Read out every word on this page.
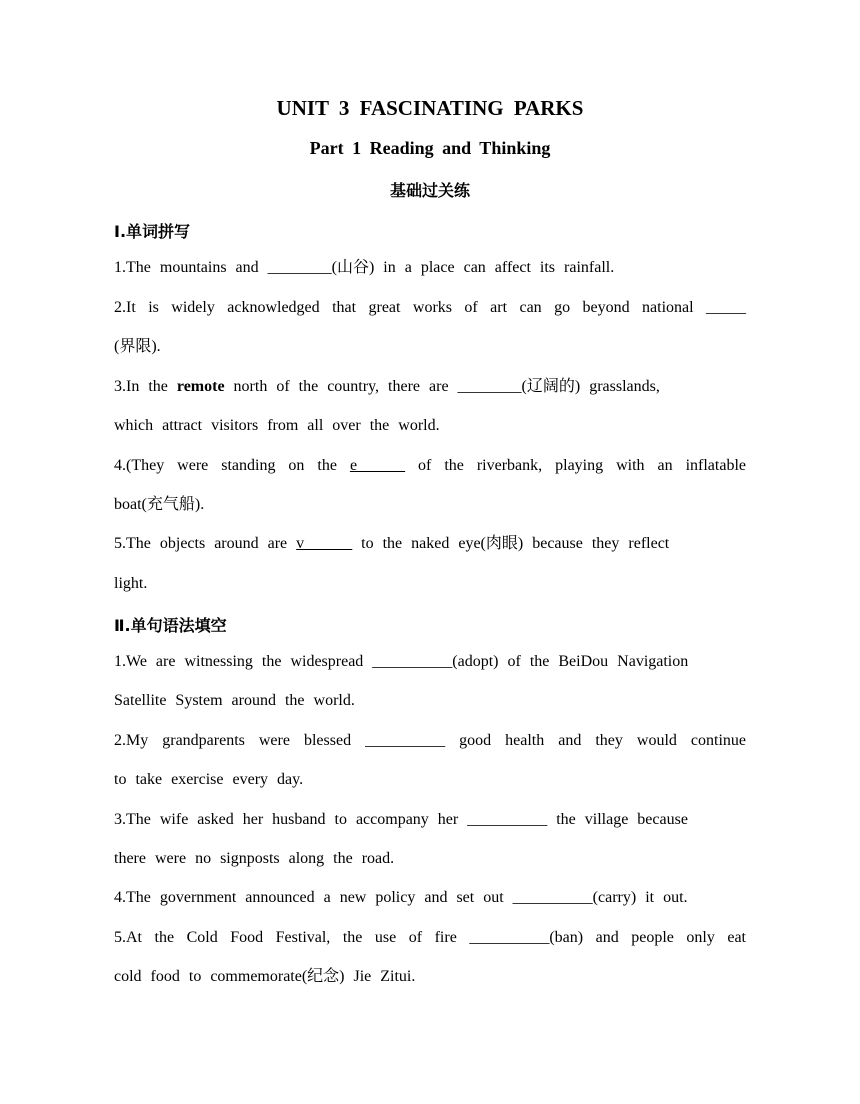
UNIT 3 FASCINATING PARKS
Part 1 Reading and Thinking
基础过关练
Ⅰ.单词拼写
1.The mountains and ________(山谷) in a place can affect its rainfall.
2.It is widely acknowledged that great works of art can go beyond national _____
(界限).
3.In the remote north of the country, there are ________(辽阔的) grasslands,
which attract visitors from all over the world.
4.(They were standing on the e______ of the riverbank, playing with an inflatable
boat(充气船).
5.The objects around are v______ to the naked eye(肉眼) because they reflect
light.
Ⅱ.单句语法填空
1.We are witnessing the widespread __________(adopt) of the BeiDou Navigation
Satellite System around the world.
2.My grandparents were blessed __________ good health and they would continue
to take exercise every day.
3.The wife asked her husband to accompany her __________ the village because
there were no signposts along the road.
4.The government announced a new policy and set out __________(carry) it out.
5.At the Cold Food Festival, the use of fire __________(ban) and people only eat
cold food to commemorate(纪念) Jie Zitui.
